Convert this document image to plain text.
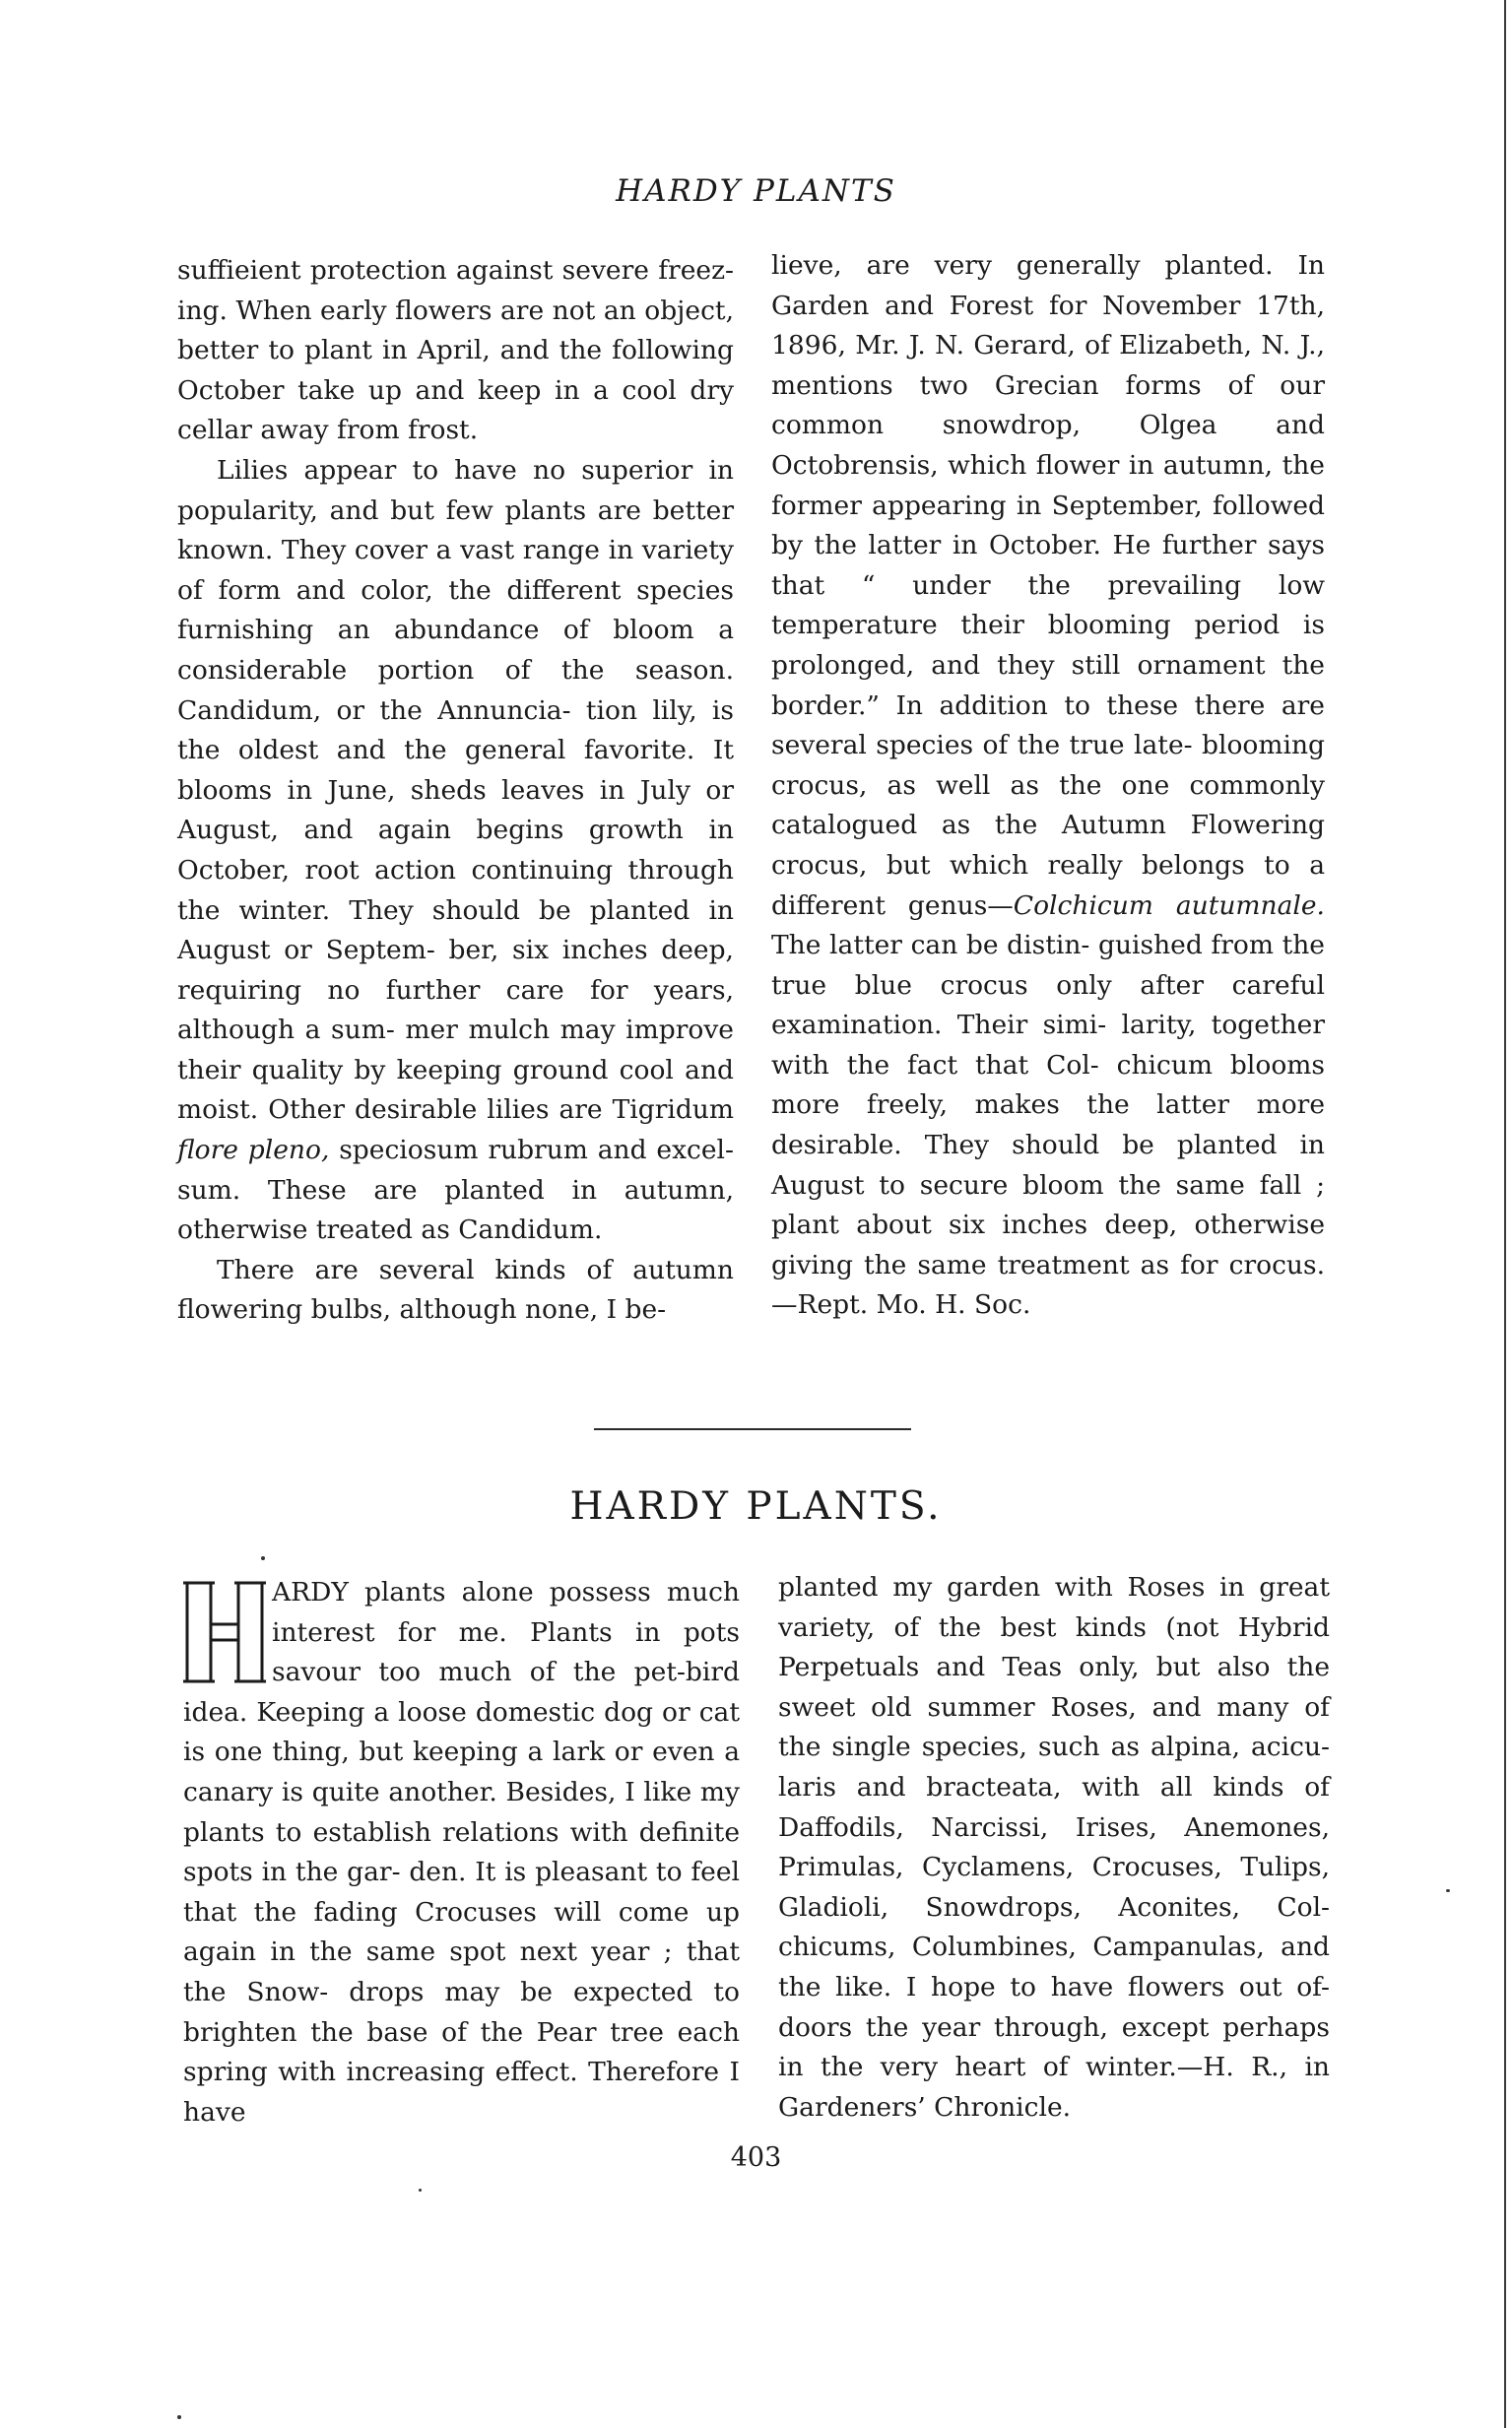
HARDY PLANTS

suffieient protection against severe freez- ing. When early flowers are not an object, better to plant in April, and the following October take up and keep in a cool dry cellar away from frost.

Lilies appear to have no superior in popularity, and but few plants are better known. They cover a vast range in variety of form and color, the different species furnishing an abundance of bloom a considerable portion of the season. Candidum, or the Annuncia- tion lily, is the oldest and the general favorite. It blooms in June, sheds leaves in July or August, and again begins growth in October, root action continuing through the winter. They should be planted in August or Septem- ber, six inches deep, requiring no further care for years, although a sum- mer mulch may improve their quality by keeping ground cool and moist. Other desirable lilies are Tigridum flore pleno, speciosum rubrum and excel- sum. These are planted in autumn, otherwise treated as Candidum.

There are several kinds of autumn flowering bulbs, although none, I be-

lieve, are very generally planted. In Garden and Forest for November 17th, 1896, Mr. J. N. Gerard, of Elizabeth, N. J., mentions two Grecian forms of our common snowdrop, Olgea and Octobrensis, which flower in autumn, the former appearing in September, followed by the latter in October. He further says that “ under the prevailing low temperature their blooming period is prolonged, and they still ornament the border.” In addition to these there are several species of the true late- blooming crocus, as well as the one commonly catalogued as the Autumn Flowering crocus, but which really belongs to a different genus—Colchicum autumnale. The latter can be distin- guished from the true blue crocus only after careful examination. Their simi- larity, together with the fact that Col- chicum blooms more freely, makes the latter more desirable. They should be planted in August to secure bloom the same fall ; plant about six inches deep, otherwise giving the same treatment as for crocus.—Rept. Mo. H. Soc.

HARDY PLANTS.

ARDY plants alone possess much interest for me. Plants in pots savour too much of the pet-bird idea. Keeping a loose domestic dog or cat is one thing, but keeping a lark or even a canary is quite another. Besides, I like my plants to establish relations with definite spots in the gar- den. It is pleasant to feel that the fading Crocuses will come up again in the same spot next year ; that the Snow- drops may be expected to brighten the base of the Pear tree each spring with increasing effect. Therefore I have

planted my garden with Roses in great variety, of the best kinds (not Hybrid Perpetuals and Teas only, but also the sweet old summer Roses, and many of the single species, such as alpina, acicu- laris and bracteata, with all kinds of Daffodils, Narcissi, Irises, Anemones, Primulas, Cyclamens, Crocuses, Tulips, Gladioli, Snowdrops, Aconites, Col- chicums, Columbines, Campanulas, and the like. I hope to have flowers out of- doors the year through, except perhaps in the very heart of winter.—H. R., in Gardeners’ Chronicle.

403
